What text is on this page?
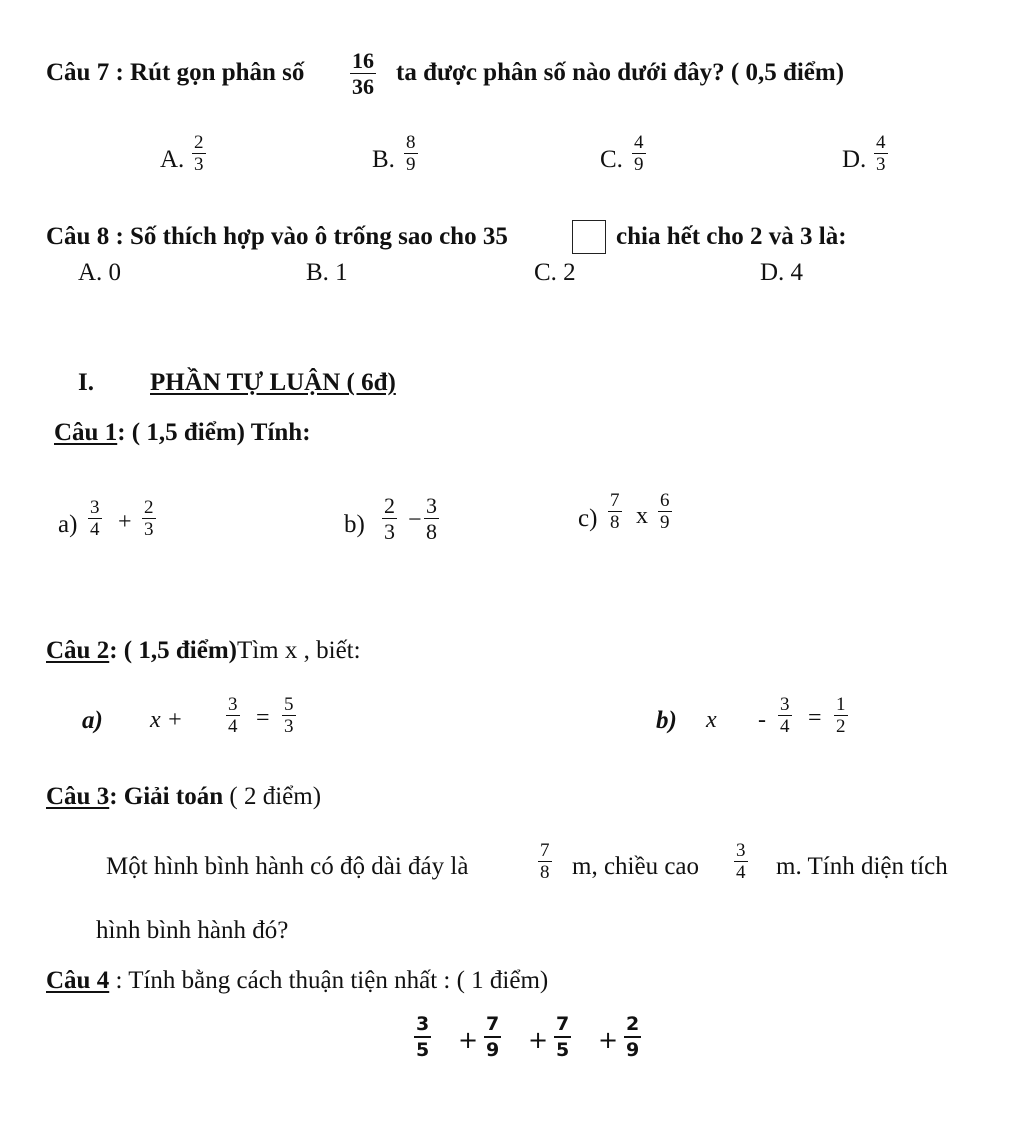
Câu 7 : Rút gọn phân số $\frac{16}{36}$ ta được phân số nào dưới đây? ( 0,5 điểm)
A. $\frac{2}{3}$	B. $\frac{8}{9}$	C. $\frac{4}{9}$	D. $\frac{4}{3}$
Câu 8 : Số thích hợp vào ô trống sao cho 35	chia hết cho 2 và 3 là:
A. 0	B. 1	C. 2	D. 4
I. PHẦN TỰ LUẬN ( 6đ)
Câu 1: ( 1,5 điểm) Tính:
$a) \frac{3}{4} + \frac{2}{3}$	$b) \frac{2}{3} - \frac{3}{8}$	$c) \frac{7}{8}$ x $\frac{6}{9}$
Câu 2: ( 1,5 điểm)Tìm x , biết:
a) $x + \frac{3}{4} = \frac{5}{3}$	b) $x - \frac{3}{4} = \frac{1}{2}$
Câu 3: Giải toán ( 2 điểm)
Một hình bình hành có độ dài đáy là	$\frac{7}{8} m$, chiều cao $\frac{3}{4} m$. Tính diện tích
hình bình hành đó?
Câu 4 : Tính bằng cách thuận tiện nhất : ( 1 điểm)
$\frac{3}{5} + \frac{7}{9} + \frac{7}{5} + \frac{2}{9}$
